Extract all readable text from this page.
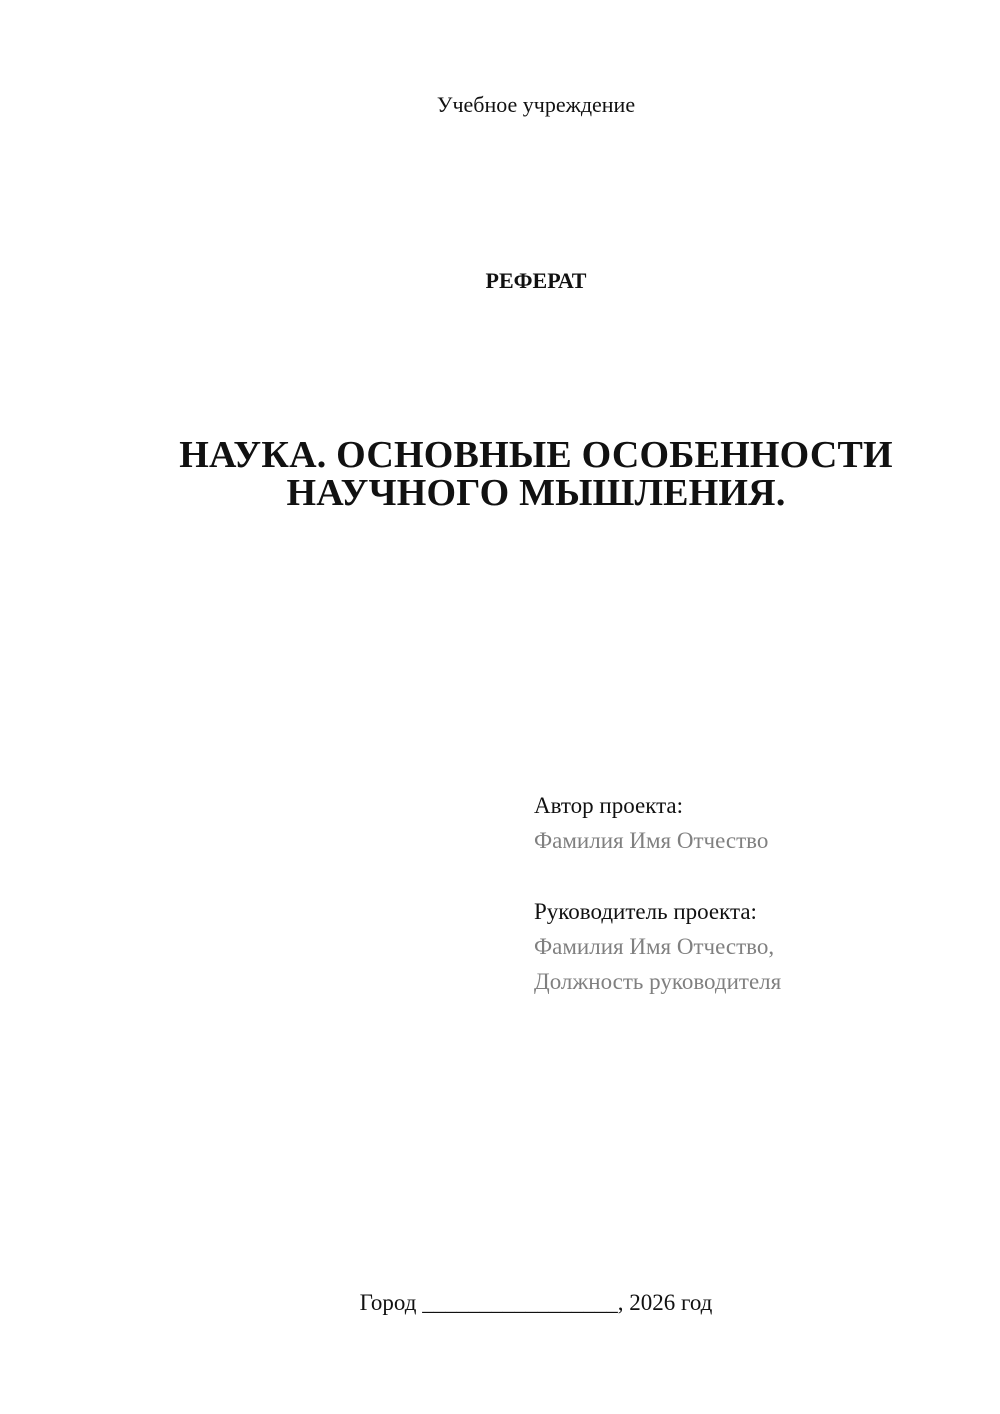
Учебное учреждение
РЕФЕРАТ
НАУКА. ОСНОВНЫЕ ОСОБЕННОСТИ
НАУЧНОГО МЫШЛЕНИЯ.
Автор проекта:
Фамилия Имя Отчество
Руководитель проекта:
Фамилия Имя Отчество,
Должность руководителя
Город _________________, 2026 год
